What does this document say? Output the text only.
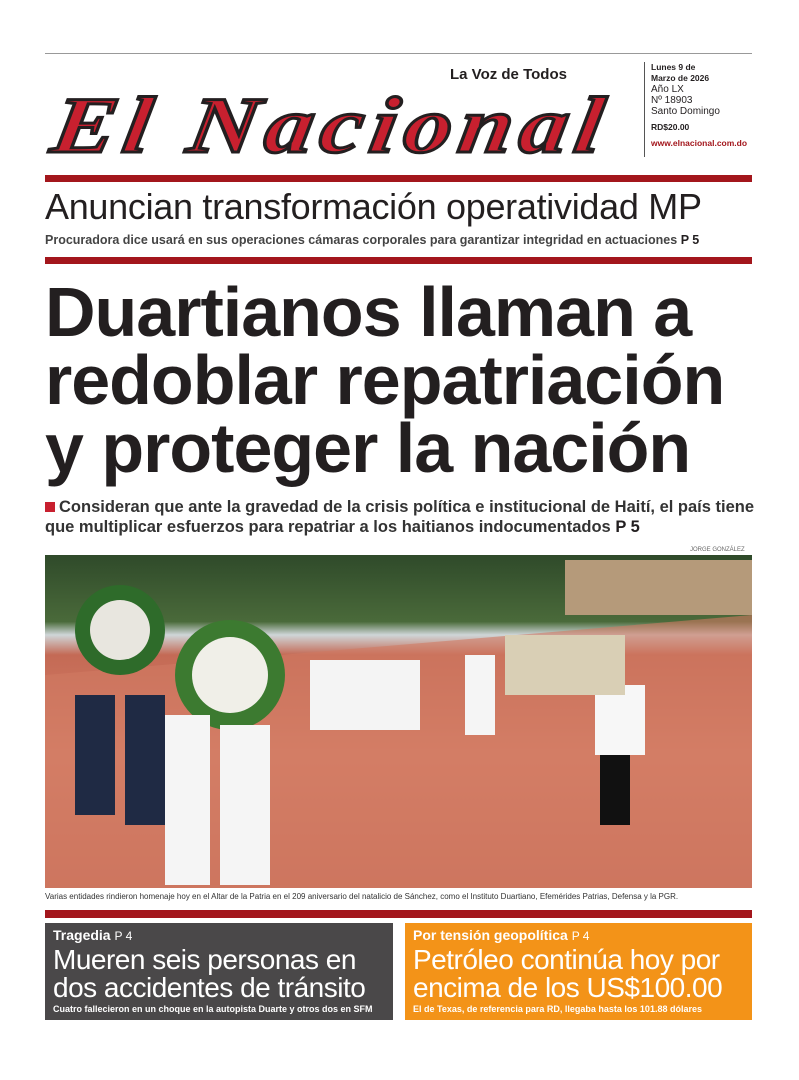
El Nacional
La Voz de Todos	Lunes 9 de
Marzo de 2026
Año LX
Nº 18903
Santo Domingo
RD$20.00
www.elnacional.com.do
Anuncian transformación operatividad MP
Procuradora dice usará en sus operaciones cámaras corporales para garantizar integridad en actuaciones P 5
Duartianos llaman a redoblar repatriación y proteger la nación
Consideran que ante la gravedad de la crisis política e institucional de Haití, el país tiene que multiplicar esfuerzos para repatriar a los haitianos indocumentados P 5
JORGE GONZÁLEZ
Varias entidades rindieron homenaje hoy en el Altar de la Patria en el 209 aniversario del natalicio de Sánchez, como el Instituto Duartiano, Efemérides Patrias, Defensa y la PGR.
Tragedia P 4
Mueren seis personas en dos accidentes de tránsito
Cuatro fallecieron en un choque en la autopista Duarte y otros dos en SFM
Por tensión geopolítica P 4
Petróleo continúa hoy por encima de los US$100.00
El de Texas, de referencia para RD, llegaba hasta los 101.88 dólares
